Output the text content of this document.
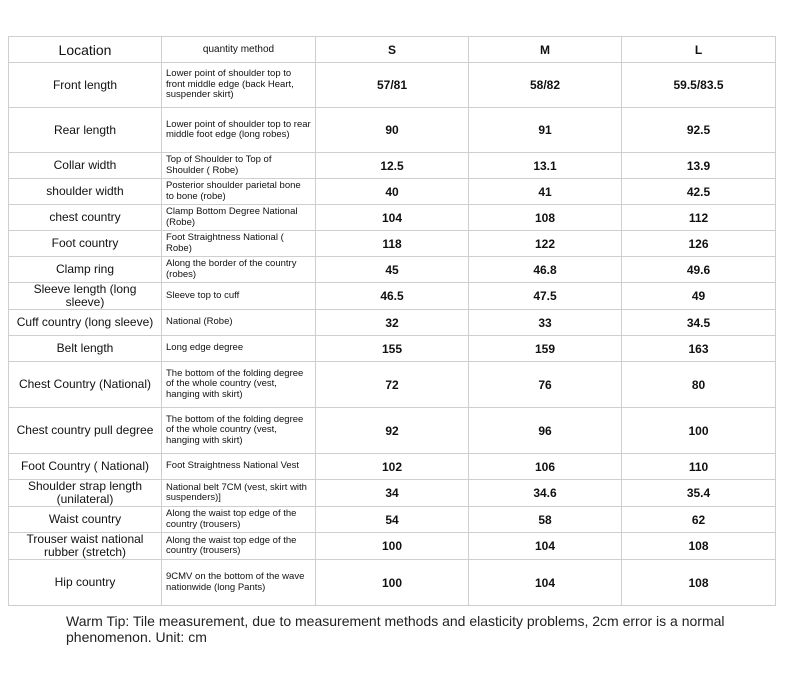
Location	quantity method	S	M	L
Front length	Lower point of shoulder top to front middle edge (back Heart, suspender skirt)	57/81	58/82	59.5/83.5
Rear length	Lower point of shoulder top to rear middle foot edge (long robes)	90	91	92.5
Collar width	Top of Shoulder to Top of Shoulder ( Robe)	12.5	13.1	13.9
shoulder width	Posterior shoulder parietal bone to bone (robe)	40	41	42.5
chest country	Clamp Bottom Degree National (Robe)	104	108	112
Foot country	Foot Straightness National ( Robe)	118	122	126
Clamp ring	Along the border of the country (robes)	45	46.8	49.6
Sleeve length (long sleeve)	Sleeve top to cuff	46.5	47.5	49
Cuff country (long sleeve)	National (Robe)	32	33	34.5
Belt length	Long edge degree	155	159	163
Chest Country (National)	The bottom of the folding degree of the whole country (vest, hanging with skirt)	72	76	80
Chest country pull degree	The bottom of the folding degree of the whole country (vest, hanging with skirt)	92	96	100
Foot Country ( National)	Foot Straightness National Vest	102	106	110
Shoulder strap length (unilateral)	National belt 7CM (vest, skirt with suspenders)]	34	34.6	35.4
Waist country	Along the waist top edge of the country (trousers)	54	58	62
Trouser waist national rubber (stretch)	Along the waist top edge of the country (trousers)	100	104	108
Hip country	9CMV on the bottom of the wave nationwide (long Pants)	100	104	108
Warm Tip: Tile measurement, due to measurement methods and elasticity problems, 2cm error is a normal phenomenon. Unit: cm
